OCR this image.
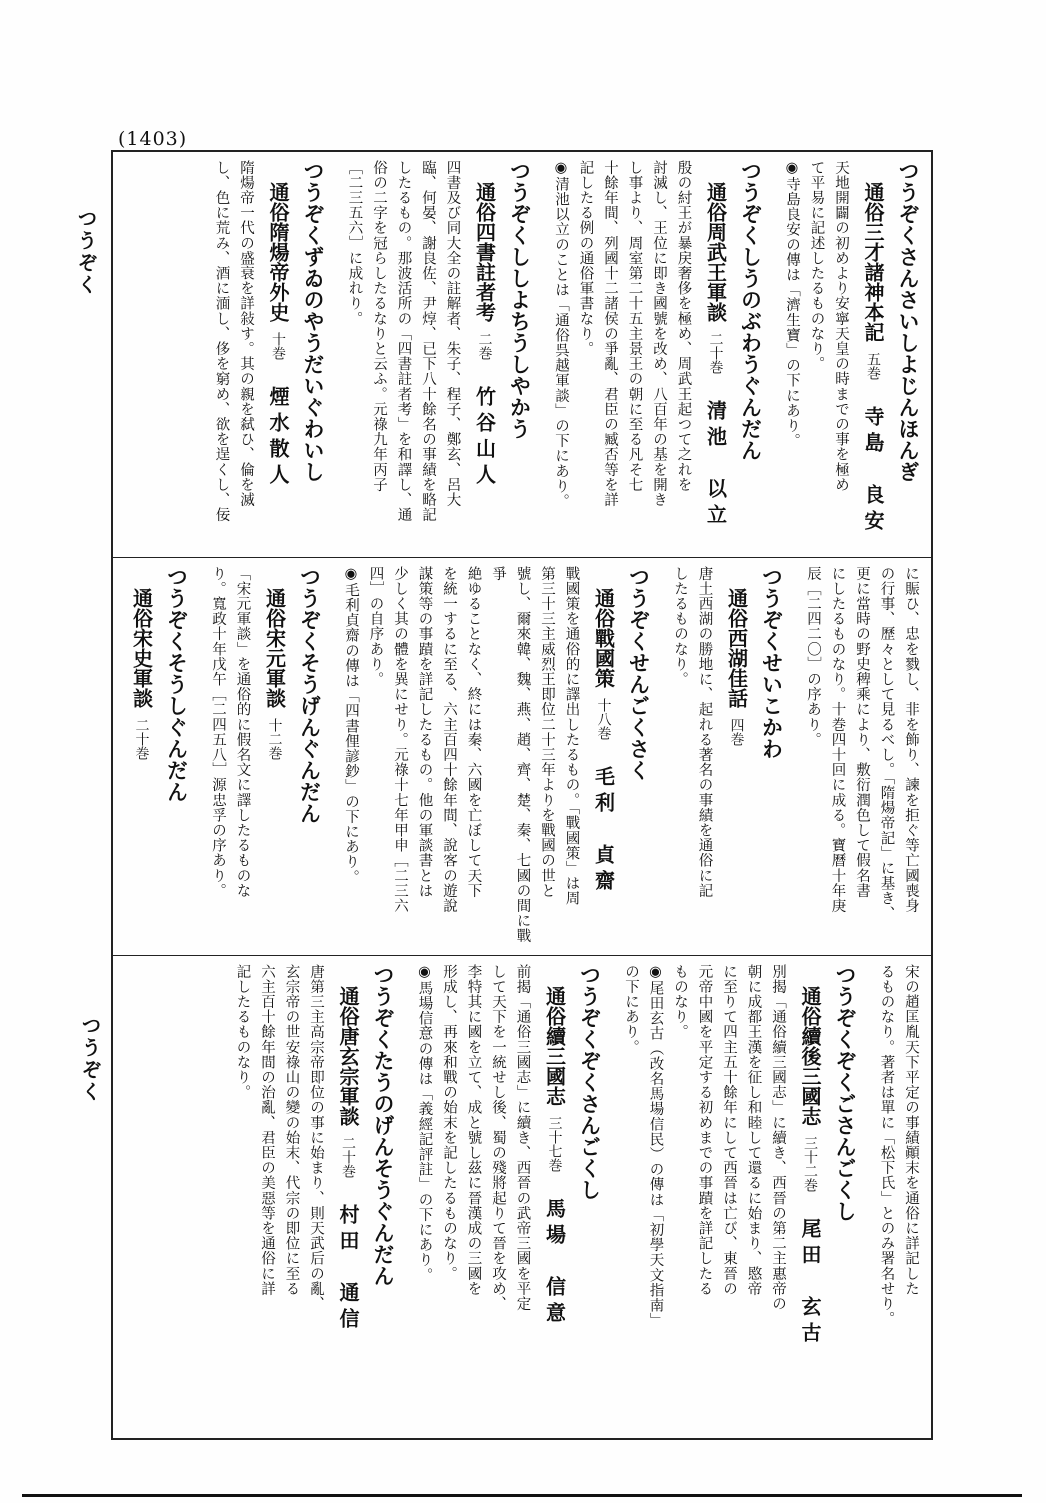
(1403)
つうぞく
つうぞく
つうぞくさんさいしよじんほんぎ
通俗三才諸神本記五巻寺島　良安
天地開闢の初めより安寧天皇の時までの事を極め
て平易に記述したるものなり。
◉寺島良安の傳は「濟生寶」の下にあり。
つうぞくしうのぶわうぐんだん
通俗周武王軍談二十巻清池　以立
殷の紂王が暴戻奢侈を極め、周武王起つて之れを
討滅し、王位に即き國號を改め、八百年の基を開き
し事より、周室第二十五主景王の朝に至る凡そ七
十餘年間、列國十二諸侯の爭亂、君臣の臧否等を詳
記したる例の通俗軍書なり。
◉清池以立のことは「通俗呉越軍談」の下にあり。
つうぞくししよちうしやかう
通俗四書註者考二巻竹谷山人
四書及び同大全の註解者、朱子、程子、鄭玄、呂大
臨、何晏、謝良佐、尹焞、已下八十餘名の事績を略記
したるもの。那波活所の「四書註者考」を和譯し、通
俗の二字を冠らしたるなりと云ふ。元祿九年丙子
［二三五六］に成れり。
つうぞくずゐのやうだいぐわいし
通俗隋煬帝外史十巻煙水散人
隋煬帝一代の盛衰を詳敍す。其の親を弑ひ、倫を滅
し、色に荒み、酒に湎し、侈を窮め、欲を逞くし、佞
に賑ひ、忠を戮し、非を飾り、諫を拒ぐ等亡國喪身
の行事、歷々として見るべし。「隋煬帝記」に基き、
更に當時の野史稗乘により、敷衍潤色して假名書
にしたるものなり。十巻四十回に成る。寶曆十年庚
辰［二四二〇］の序あり。
つうぞくせいこかわ
通俗西湖佳話四巻
唐土西湖の勝地に、起れる著名の事績を通俗に記
したるものなり。
つうぞくせんごくさく
通俗戰國策十八巻毛利　貞齋
戰國策を通俗的に譯出したるもの。「戰國策」は周
第三十三主威烈王即位二十三年よりを戰國の世と
號し、爾來韓、魏、燕、趙、齊、楚、秦、七國の間に戰爭
絶ゆることなく、終には秦、六國を亡ぼして天下
を統一するに至る、六主百四十餘年間、說客の遊說
謀策等の事蹟を詳記したるもの。他の軍談書とは
少しく其の體を異にせり。元祿十七年甲申［二三六
四］の自序あり。
◉毛利貞齋の傳は「四書俚諺鈔」の下にあり。
つうぞくそうげんぐんだん
通俗宋元軍談十二巻
「宋元軍談」を通俗的に假名文に譯したるものな
り。寬政十年戊午［二四五八］源忠孚の序あり。
つうぞくそうしぐんだん
通俗宋史軍談二十巻
宋の趙匡胤天下平定の事績顚末を通俗に詳記した
るものなり。著者は單に「松下氏」とのみ署名せり。
つうぞくぞくごさんごくし
通俗續後三國志三十二巻尾田　玄古
別揭「通俗續三國志」に續き、西晉の第二主惠帝の
朝に成都王漢を征し和睦して還るに始まり、愍帝
に至りて四主五十餘年にして西晉は亡び、東晉の
元帝中國を平定する初めまでの事蹟を詳記したる
ものなり。
◉尾田玄古（改名馬場信民）の傳は「初學天文指南」
の下にあり。
つうぞくぞくさんごくし
通俗續三國志三十七巻馬場　信意
前揭「通俗三國志」に續き、西晉の武帝三國を平定
して天下を一統せし後、蜀の殘將起りて晉を攻め、
李特其に國を立て、成と號し茲に晉漢成の三國を
形成し、再來和戰の始末を記したるものなり。
◉馬場信意の傳は「義經記評註」の下にあり。
つうぞくたうのげんそうぐんだん
通俗唐玄宗軍談二十巻村田　通信
唐第三主高宗帝即位の事に始まり、則天武后の亂、
玄宗帝の世安祿山の變の始末、代宗の即位に至る
六主百十餘年間の治亂、君臣の美惡等を通俗に詳
記したるものなり。
